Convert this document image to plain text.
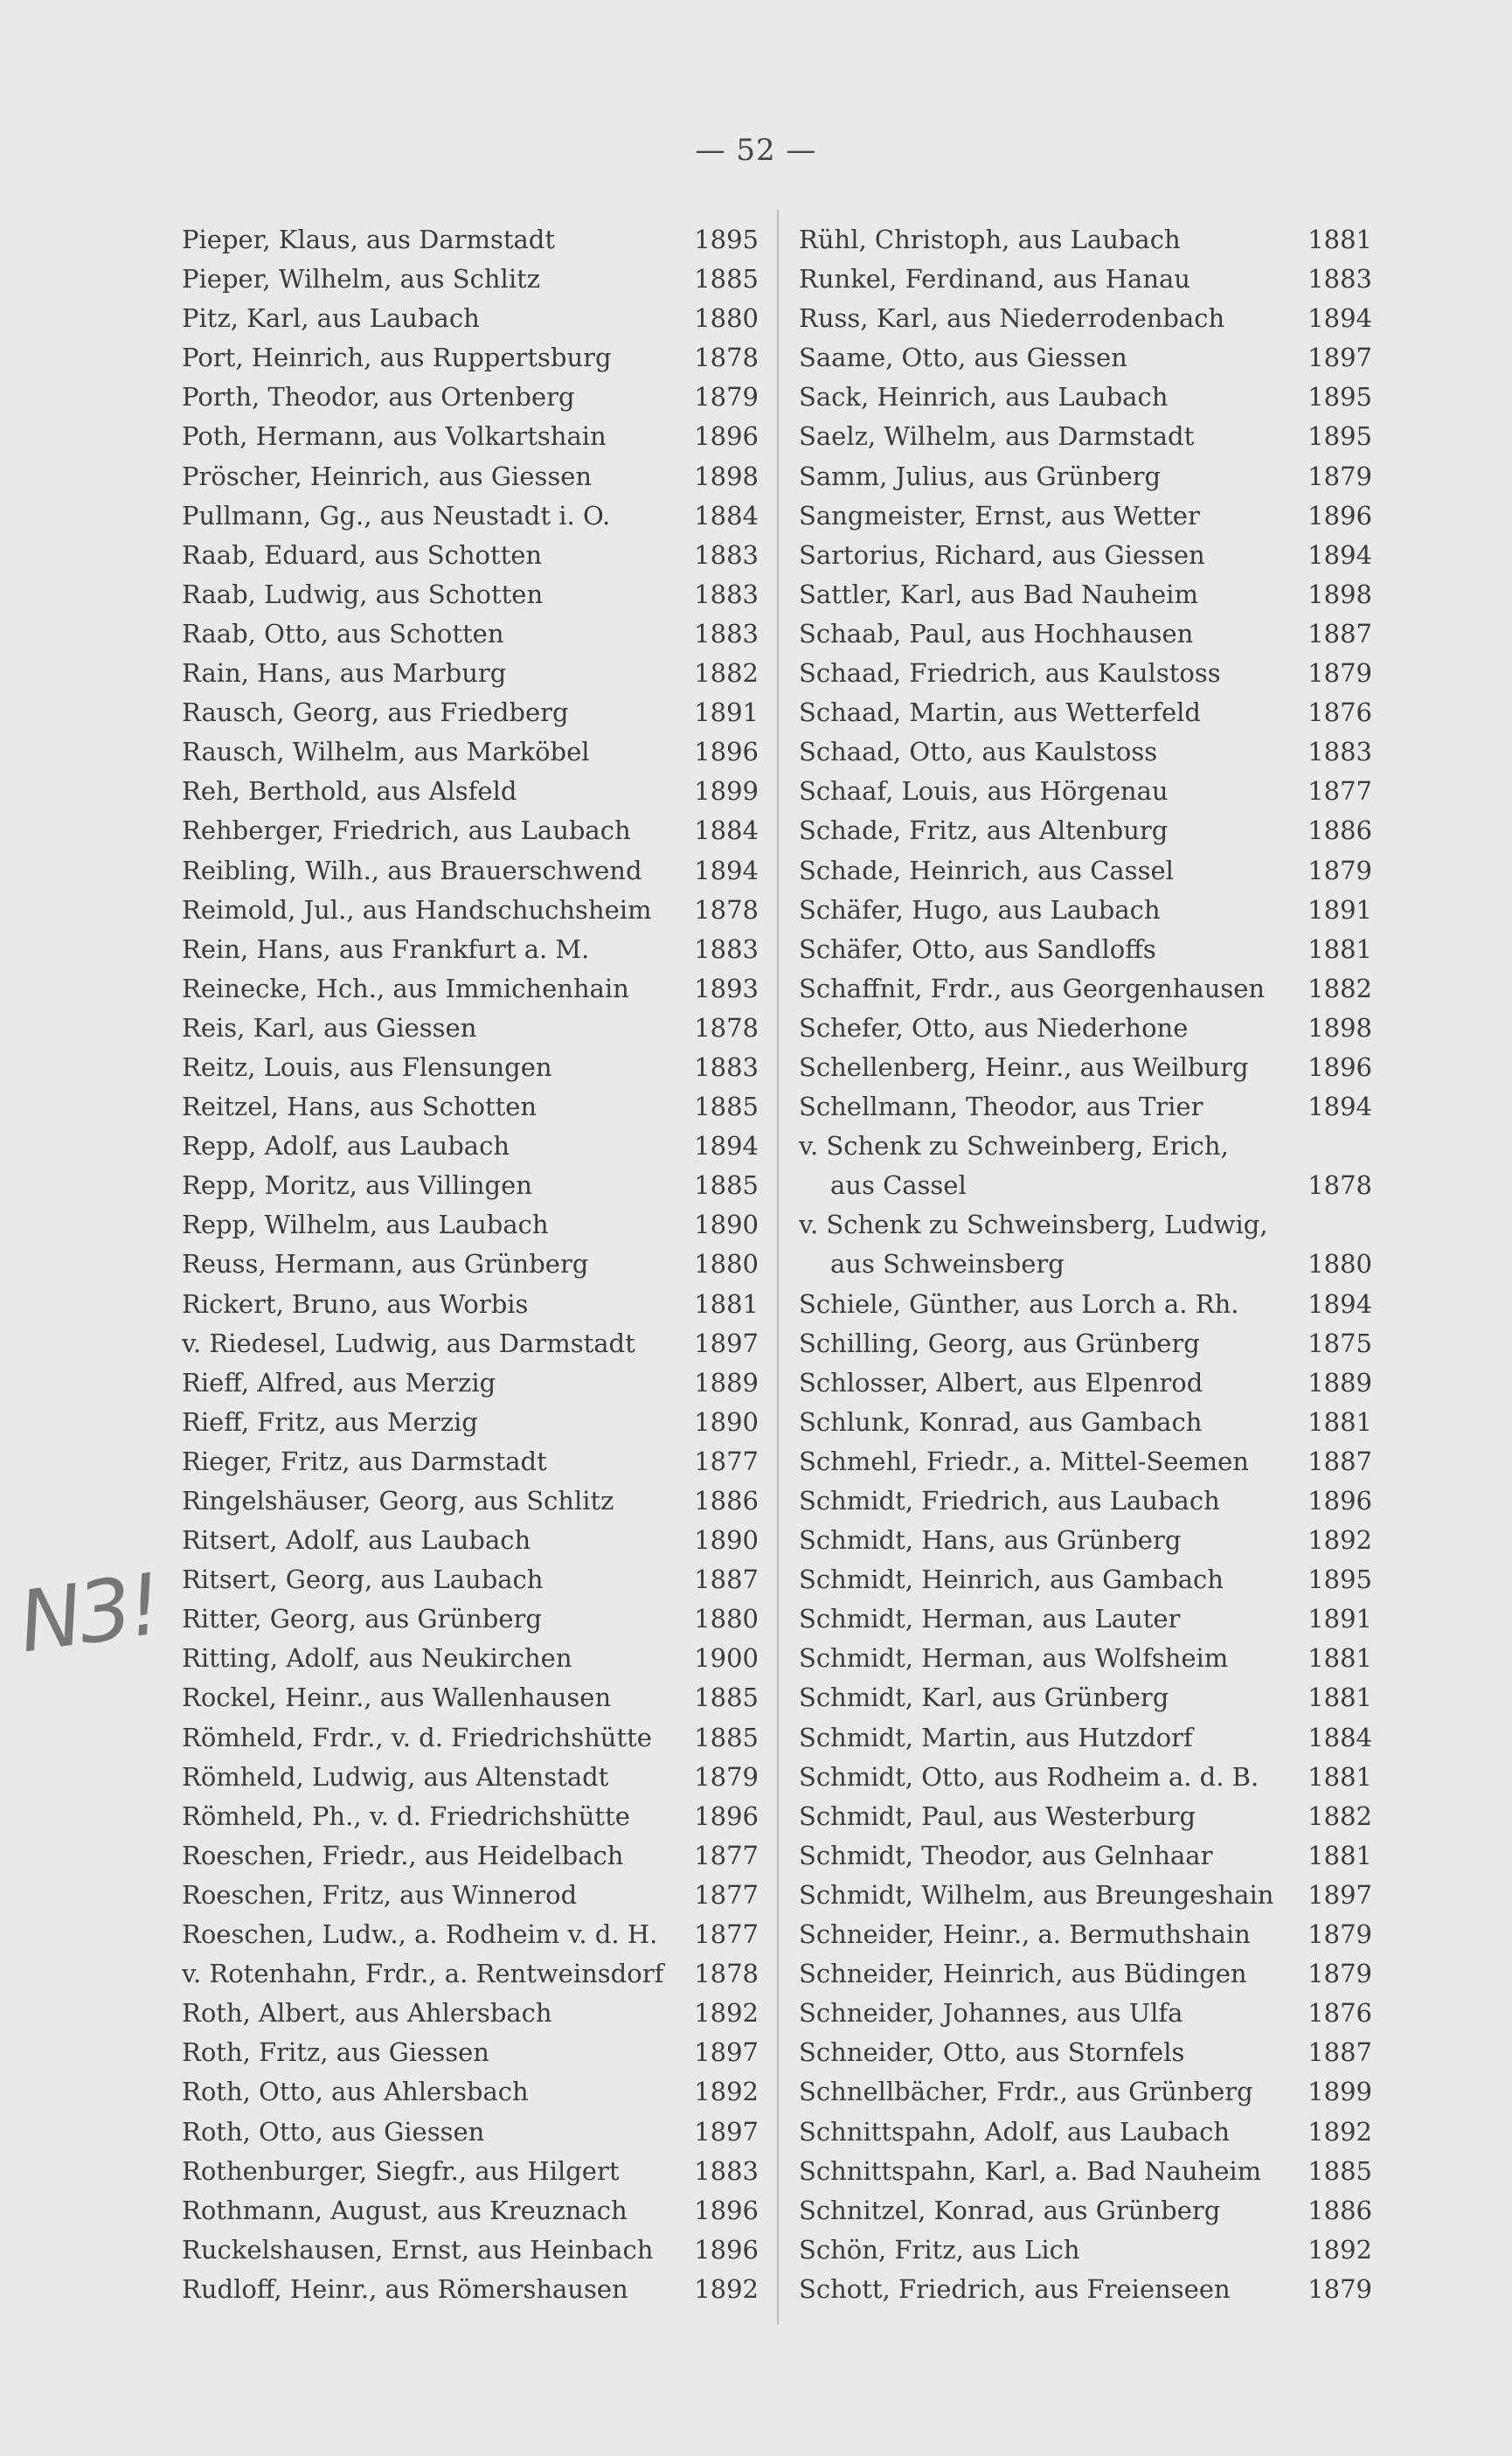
— 52 —
N3!
Pieper, Klaus, aus Darmstadt	1895
Pieper, Wilhelm, aus Schlitz	1885
Pitz, Karl, aus Laubach	1880
Port, Heinrich, aus Ruppertsburg	1878
Porth, Theodor, aus Ortenberg	1879
Poth, Hermann, aus Volkartshain	1896
Pröscher, Heinrich, aus Giessen	1898
Pullmann, Gg., aus Neustadt i. O.	1884
Raab, Eduard, aus Schotten	1883
Raab, Ludwig, aus Schotten	1883
Raab, Otto, aus Schotten	1883
Rain, Hans, aus Marburg	1882
Rausch, Georg, aus Friedberg	1891
Rausch, Wilhelm, aus Marköbel	1896
Reh, Berthold, aus Alsfeld	1899
Rehberger, Friedrich, aus Laubach	1884
Reibling, Wilh., aus Brauerschwend	1894
Reimold, Jul., aus Handschuchsheim	1878
Rein, Hans, aus Frankfurt a. M.	1883
Reinecke, Hch., aus Immichenhain	1893
Reis, Karl, aus Giessen	1878
Reitz, Louis, aus Flensungen	1883
Reitzel, Hans, aus Schotten	1885
Repp, Adolf, aus Laubach	1894
Repp, Moritz, aus Villingen	1885
Repp, Wilhelm, aus Laubach	1890
Reuss, Hermann, aus Grünberg	1880
Rickert, Bruno, aus Worbis	1881
v. Riedesel, Ludwig, aus Darmstadt	1897
Rieff, Alfred, aus Merzig	1889
Rieff, Fritz, aus Merzig	1890
Rieger, Fritz, aus Darmstadt	1877
Ringelshäuser, Georg, aus Schlitz	1886
Ritsert, Adolf, aus Laubach	1890
Ritsert, Georg, aus Laubach	1887
Ritter, Georg, aus Grünberg	1880
Ritting, Adolf, aus Neukirchen	1900
Rockel, Heinr., aus Wallenhausen	1885
Römheld, Frdr., v. d. Friedrichshütte	1885
Römheld, Ludwig, aus Altenstadt	1879
Römheld, Ph., v. d. Friedrichshütte	1896
Roeschen, Friedr., aus Heidelbach	1877
Roeschen, Fritz, aus Winnerod	1877
Roeschen, Ludw., a. Rodheim v. d. H.	1877
v. Rotenhahn, Frdr., a. Rentweinsdorf	1878
Roth, Albert, aus Ahlersbach	1892
Roth, Fritz, aus Giessen	1897
Roth, Otto, aus Ahlersbach	1892
Roth, Otto, aus Giessen	1897
Rothenburger, Siegfr., aus Hilgert	1883
Rothmann, August, aus Kreuznach	1896
Ruckelshausen, Ernst, aus Heinbach	1896
Rudloff, Heinr., aus Römershausen	1892
Rühl, Christoph, aus Laubach	1881
Runkel, Ferdinand, aus Hanau	1883
Russ, Karl, aus Niederrodenbach	1894
Saame, Otto, aus Giessen	1897
Sack, Heinrich, aus Laubach	1895
Saelz, Wilhelm, aus Darmstadt	1895
Samm, Julius, aus Grünberg	1879
Sangmeister, Ernst, aus Wetter	1896
Sartorius, Richard, aus Giessen	1894
Sattler, Karl, aus Bad Nauheim	1898
Schaab, Paul, aus Hochhausen	1887
Schaad, Friedrich, aus Kaulstoss	1879
Schaad, Martin, aus Wetterfeld	1876
Schaad, Otto, aus Kaulstoss	1883
Schaaf, Louis, aus Hörgenau	1877
Schade, Fritz, aus Altenburg	1886
Schade, Heinrich, aus Cassel	1879
Schäfer, Hugo, aus Laubach	1891
Schäfer, Otto, aus Sandloffs	1881
Schaffnit, Frdr., aus Georgenhausen	1882
Schefer, Otto, aus Niederhone	1898
Schellenberg, Heinr., aus Weilburg	1896
Schellmann, Theodor, aus Trier	1894
v. Schenk zu Schweinberg, Erich,
aus Cassel	1878
v. Schenk zu Schweinsberg, Ludwig,
aus Schweinsberg	1880
Schiele, Günther, aus Lorch a. Rh.	1894
Schilling, Georg, aus Grünberg	1875
Schlosser, Albert, aus Elpenrod	1889
Schlunk, Konrad, aus Gambach	1881
Schmehl, Friedr., a. Mittel-Seemen	1887
Schmidt, Friedrich, aus Laubach	1896
Schmidt, Hans, aus Grünberg	1892
Schmidt, Heinrich, aus Gambach	1895
Schmidt, Herman, aus Lauter	1891
Schmidt, Herman, aus Wolfsheim	1881
Schmidt, Karl, aus Grünberg	1881
Schmidt, Martin, aus Hutzdorf	1884
Schmidt, Otto, aus Rodheim a. d. B.	1881
Schmidt, Paul, aus Westerburg	1882
Schmidt, Theodor, aus Gelnhaar	1881
Schmidt, Wilhelm, aus Breungeshain	1897
Schneider, Heinr., a. Bermuthshain	1879
Schneider, Heinrich, aus Büdingen	1879
Schneider, Johannes, aus Ulfa	1876
Schneider, Otto, aus Stornfels	1887
Schnellbächer, Frdr., aus Grünberg	1899
Schnittspahn, Adolf, aus Laubach	1892
Schnittspahn, Karl, a. Bad Nauheim	1885
Schnitzel, Konrad, aus Grünberg	1886
Schön, Fritz, aus Lich	1892
Schott, Friedrich, aus Freienseen	1879
